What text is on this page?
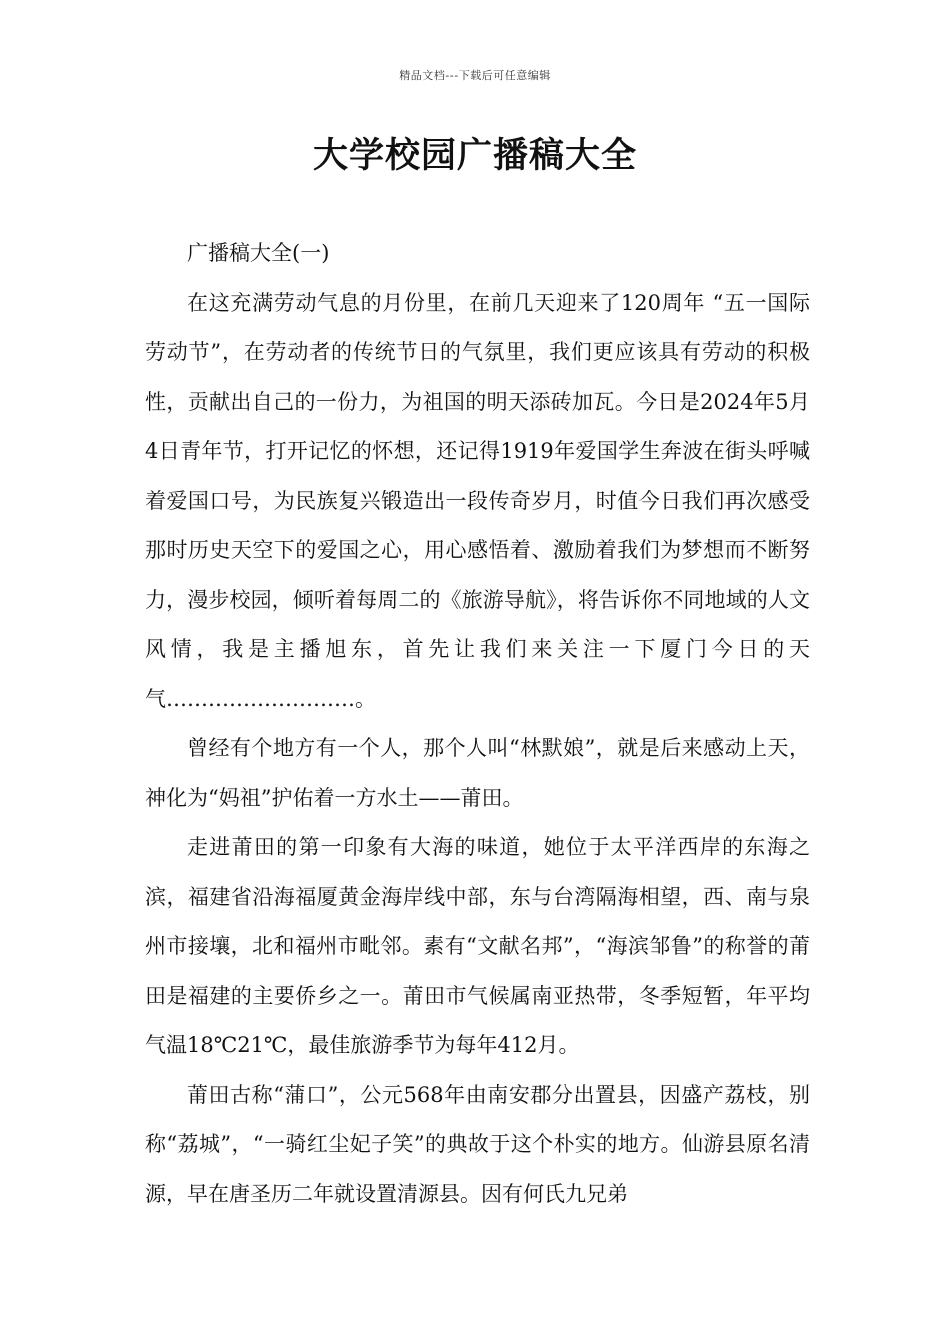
精品文档---下载后可任意编辑
大学校园广播稿大全

广播稿大全(一)

在这充满劳动气息的月份里，在前几天迎来了120周年 “五一国际劳动节”，在劳动者的传统节日的气氛里，我们更应该具有劳动的积极性，贡献出自己的一份力，为祖国的明天添砖加瓦。今日是2024年5月4日青年节，打开记忆的怀想，还记得1919年爱国学生奔波在街头呼喊着爱国口号，为民族复兴锻造出一段传奇岁月，时值今日我们再次感受那时历史天空下的爱国之心，用心感悟着、激励着我们为梦想而不断努力，漫步校园，倾听着每周二的《旅游导航》，将告诉你不同地域的人文风情，我是主播旭东，首先让我们来关注一下厦门今日的天气………………………。

曾经有个地方有一个人，那个人叫“林默娘”，就是后来感动上天，神化为“妈祖”护佑着一方水土——莆田。

走进莆田的第一印象有大海的味道，她位于太平洋西岸的东海之滨，福建省沿海福厦黄金海岸线中部，东与台湾隔海相望，西、南与泉州市接壤，北和福州市毗邻。素有“文献名邦”，“海滨邹鲁”的称誉的莆田是福建的主要侨乡之一。莆田市气候属南亚热带，冬季短暂，年平均气温18℃21℃，最佳旅游季节为每年412月。

莆田古称“蒲口”，公元568年由南安郡分出置县，因盛产荔枝，别称“荔城”，“一骑红尘妃子笑”的典故于这个朴实的地方。仙游县原名清源，早在唐圣历二年就设置清源县。因有何氏九兄弟
